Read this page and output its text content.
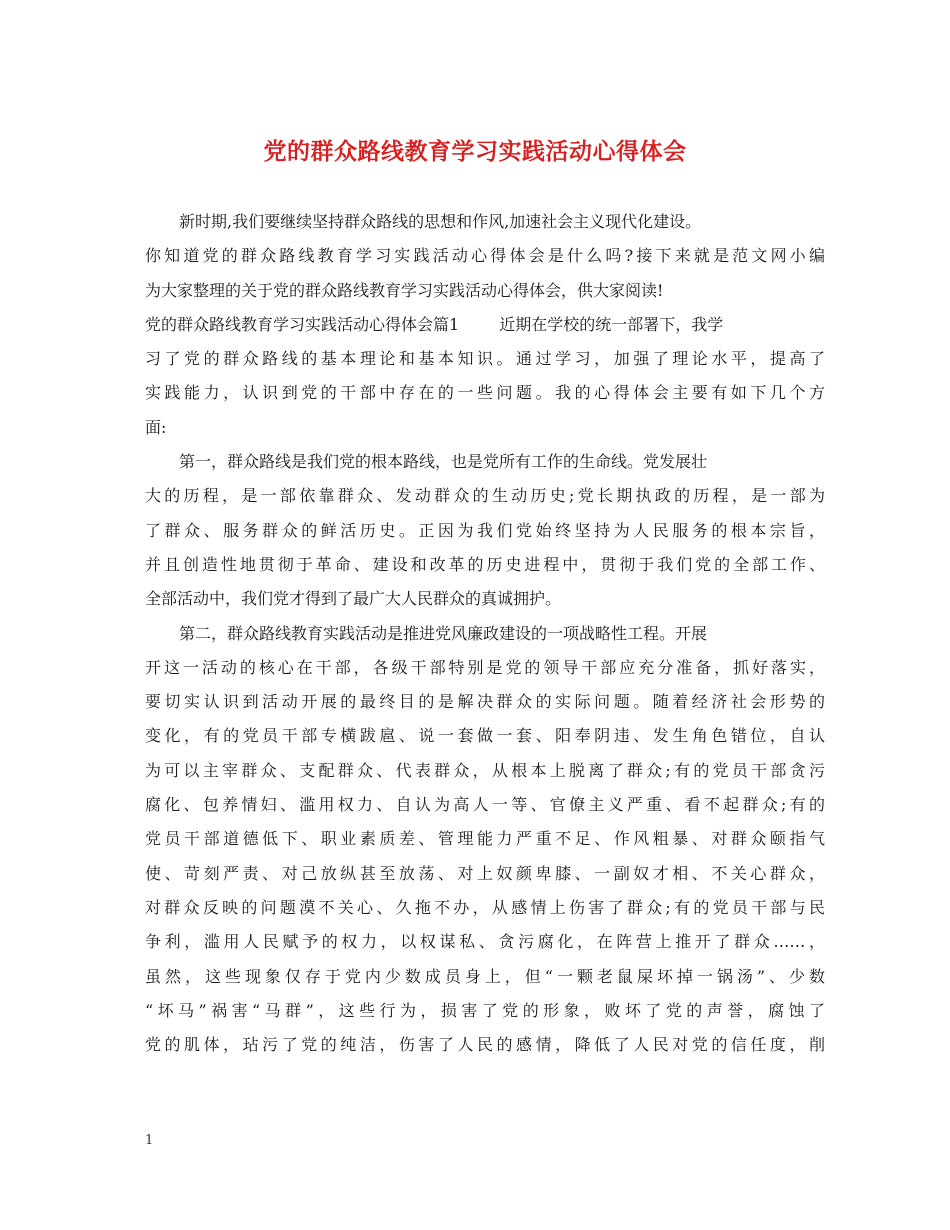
党的群众路线教育学习实践活动心得体会
新时期,我们要继续坚持群众路线的思想和作风,加速社会主义现代化建设。
你知道党的群众路线教育学习实践活动心得体会是什么吗?接下来就是范文网小编
为大家整理的关于党的群众路线教育学习实践活动心得体会，供大家阅读!
党的群众路线教育学习实践活动心得体会篇1	近期在学校的统一部署下，我学
习了党的群众路线的基本理论和基本知识。通过学习，加强了理论水平，提高了
实践能力，认识到党的干部中存在的一些问题。我的心得体会主要有如下几个方
面:
第一，群众路线是我们党的根本路线，也是党所有工作的生命线。党发展壮
大的历程，是一部依靠群众、发动群众的生动历史;党长期执政的历程，是一部为
了群众、服务群众的鲜活历史。正因为我们党始终坚持为人民服务的根本宗旨，
并且创造性地贯彻于革命、建设和改革的历史进程中，贯彻于我们党的全部工作、
全部活动中，我们党才得到了最广大人民群众的真诚拥护。
第二，群众路线教育实践活动是推进党风廉政建设的一项战略性工程。开展
开这一活动的核心在干部，各级干部特别是党的领导干部应充分准备，抓好落实，
要切实认识到活动开展的最终目的是解决群众的实际问题。随着经济社会形势的
变化，有的党员干部专横跋扈、说一套做一套、阳奉阴违、发生角色错位，自认
为可以主宰群众、支配群众、代表群众，从根本上脱离了群众;有的党员干部贪污
腐化、包养情妇、滥用权力、自认为高人一等、官僚主义严重、看不起群众;有的
党员干部道德低下、职业素质差、管理能力严重不足、作风粗暴、对群众颐指气
使、苛刻严责、对己放纵甚至放荡、对上奴颜卑膝、一副奴才相、不关心群众，
对群众反映的问题漠不关心、久拖不办，从感情上伤害了群众;有的党员干部与民
争利，滥用人民赋予的权力，以权谋私、贪污腐化，在阵营上推开了群众……，
虽然，这些现象仅存于党内少数成员身上，但“一颗老鼠屎坏掉一锅汤”、少数
“坏马”祸害“马群”，这些行为，损害了党的形象，败坏了党的声誉，腐蚀了
党的肌体，玷污了党的纯洁，伤害了人民的感情，降低了人民对党的信任度，削
1
